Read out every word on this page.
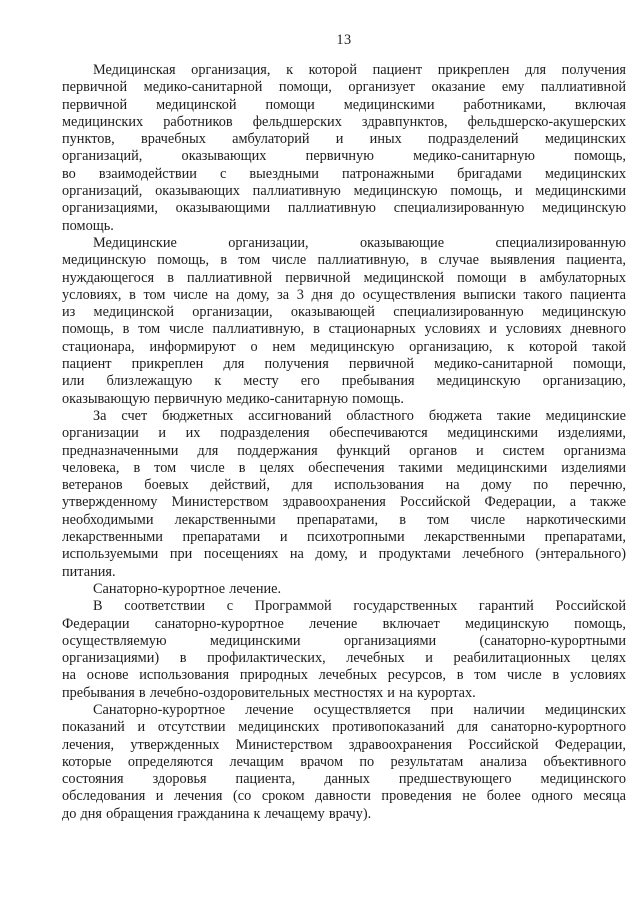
13
Медицинская организация, к которой пациент прикреплен для получения
первичной медико-санитарной помощи, организует оказание ему паллиативной
первичной медицинской помощи медицинскими работниками, включая
медицинских работников фельдшерских здравпунктов, фельдшерско-акушерских
пунктов, врачебных амбулаторий и иных подразделений медицинских
организаций, оказывающих первичную медико-санитарную помощь,
во взаимодействии с выездными патронажными бригадами медицинских
организаций, оказывающих паллиативную медицинскую помощь, и медицинскими
организациями, оказывающими паллиативную специализированную медицинскую
помощь.
Медицинские организации, оказывающие специализированную
медицинскую помощь, в том числе паллиативную, в случае выявления пациента,
нуждающегося в паллиативной первичной медицинской помощи в амбулаторных
условиях, в том числе на дому, за 3 дня до осуществления выписки такого пациента
из медицинской организации, оказывающей специализированную медицинскую
помощь, в том числе паллиативную, в стационарных условиях и условиях дневного
стационара, информируют о нем медицинскую организацию, к которой такой
пациент прикреплен для получения первичной медико-санитарной помощи,
или близлежащую к месту его пребывания медицинскую организацию,
оказывающую первичную медико-санитарную помощь.
За счет бюджетных ассигнований областного бюджета такие медицинские
организации и их подразделения обеспечиваются медицинскими изделиями,
предназначенными для поддержания функций органов и систем организма
человека, в том числе в целях обеспечения такими медицинскими изделиями
ветеранов боевых действий, для использования на дому по перечню,
утвержденному Министерством здравоохранения Российской Федерации, а также
необходимыми лекарственными препаратами, в том числе наркотическими
лекарственными препаратами и психотропными лекарственными препаратами,
используемыми при посещениях на дому, и продуктами лечебного (энтерального)
питания.
Санаторно-курортное лечение.
В соответствии с Программой государственных гарантий Российской
Федерации санаторно-курортное лечение включает медицинскую помощь,
осуществляемую медицинскими организациями (санаторно-курортными
организациями) в профилактических, лечебных и реабилитационных целях
на основе использования природных лечебных ресурсов, в том числе в условиях
пребывания в лечебно-оздоровительных местностях и на курортах.
Санаторно-курортное лечение осуществляется при наличии медицинских
показаний и отсутствии медицинских противопоказаний для санаторно-курортного
лечения, утвержденных Министерством здравоохранения Российской Федерации,
которые определяются лечащим врачом по результатам анализа объективного
состояния здоровья пациента, данных предшествующего медицинского
обследования и лечения (со сроком давности проведения не более одного месяца
до дня обращения гражданина к лечащему врачу).
